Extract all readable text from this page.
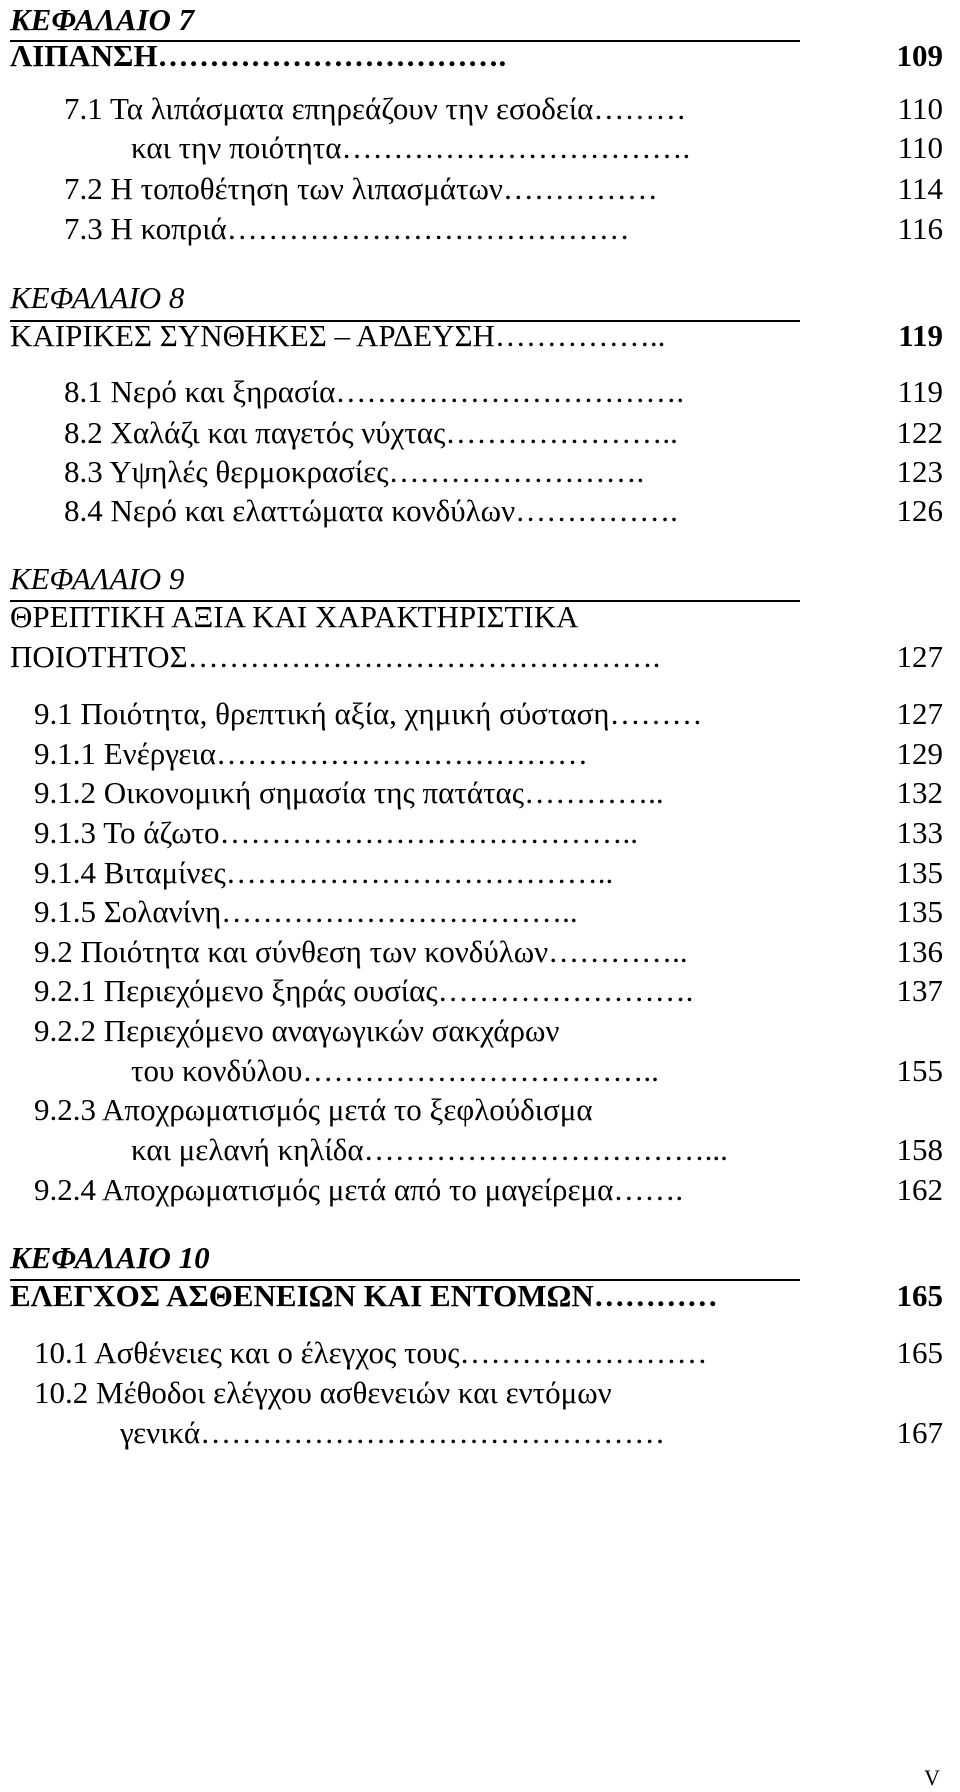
ΚΕΦΑΛΑΙΟ 7
ΛΙΠΑΝΣΗ…………………………….	109
7.1 Τα λιπάσματα επηρεάζουν την εσοδεία………	110
και την ποιότητα…………………………….	110
7.2 Η τοποθέτηση των λιπασμάτων……………	114
7.3 Η κοπριά…………………………………	116
ΚΕΦΑΛΑΙΟ 8
ΚΑΙΡΙΚΕΣ ΣΥΝΘΗΚΕΣ – ΑΡΔΕΥΣΗ……………..	119
8.1 Νερό και ξηρασία…………………………….	119
8.2 Χαλάζι και παγετός νύχτας…………………..	122
8.3 Υψηλές θερμοκρασίες…………………….	123
8.4 Νερό και ελαττώματα κονδύλων…………….	126
ΚΕΦΑΛΑΙΟ 9
ΘΡΕΠΤΙΚΗ ΑΞΙΑ ΚΑΙ ΧΑΡΑΚΤΗΡΙΣΤΙΚΑ
ΠΟΙΟΤΗΤΟΣ……………………………………….	127
9.1 Ποιότητα, θρεπτική αξία, χημική σύσταση………	127
9.1.1 Ενέργεια………………………………	129
9.1.2 Οικονομική σημασία της πατάτας…………..	132
9.1.3 Το άζωτο…………………………………..	133
9.1.4 Βιταμίνες………………………………..	135
9.1.5 Σολανίνη……………………………..	135
9.2 Ποιότητα και σύνθεση των κονδύλων…………..	136
9.2.1 Περιεχόμενο ξηράς ουσίας…………………….	137
9.2.2 Περιεχόμενο αναγωγικών σακχάρων
του κονδύλου……………………………..	155
9.2.3 Αποχρωματισμός μετά το ξεφλούδισμα
και μελανή κηλίδα……………………………...	158
9.2.4 Αποχρωματισμός μετά από το μαγείρεμα…….	162
ΚΕΦΑΛΑΙΟ 10
ΕΛΕΓΧΟΣ ΑΣΘΕΝΕΙΩΝ ΚΑΙ ΕΝΤΟΜΩΝ…………	165
10.1 Ασθένειες και ο έλεγχος τους……………………	165
10.2 Μέθοδοι ελέγχου ασθενειών και εντόμων
γενικά………………………………………	167
V
